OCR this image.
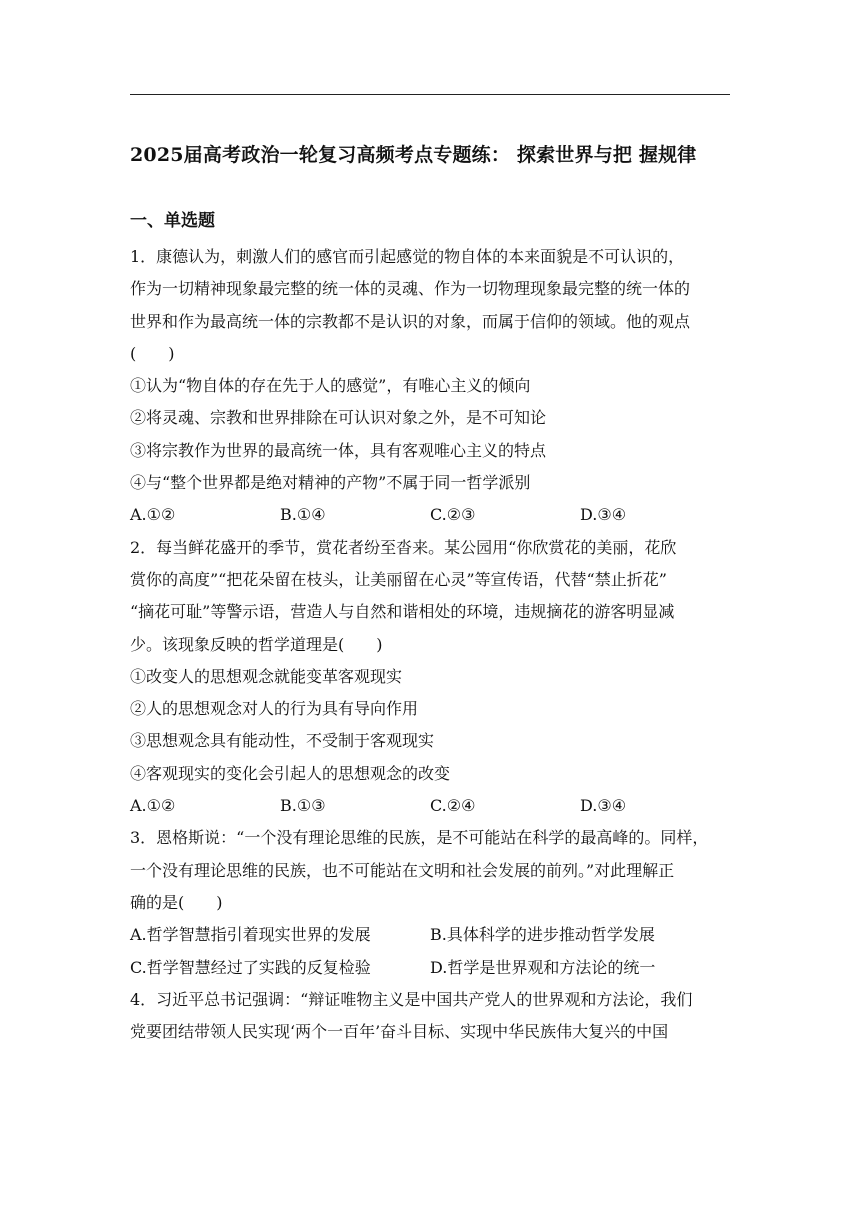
2025届高考政治一轮复习高频考点专题练： 探索世界与把 握规律
一、单选题
1．康德认为，刺激人们的感官而引起感觉的物自体的本来面貌是不可认识的，
作为一切精神现象最完整的统一体的灵魂、作为一切物理现象最完整的统一体的
世界和作为最高统一体的宗教都不是认识的对象，而属于信仰的领域。他的观点
(　　)
①认为“物自体的存在先于人的感觉”，有唯心主义的倾向
②将灵魂、宗教和世界排除在可认识对象之外，是不可知论
③将宗教作为世界的最高统一体，具有客观唯心主义的特点
④与“整个世界都是绝对精神的产物”不属于同一哲学派别
A.①②	B.①④	C.②③	D.③④
2．每当鲜花盛开的季节，赏花者纷至沓来。某公园用“你欣赏花的美丽，花欣
赏你的高度”“把花朵留在枝头，让美丽留在心灵”等宣传语，代替“禁止折花”
“摘花可耻”等警示语，营造人与自然和谐相处的环境，违规摘花的游客明显减
少。该现象反映的哲学道理是(　　)
①改变人的思想观念就能变革客观现实
②人的思想观念对人的行为具有导向作用
③思想观念具有能动性，不受制于客观现实
④客观现实的变化会引起人的思想观念的改变
A.①②	B.①③	C.②④	D.③④
3．恩格斯说：“一个没有理论思维的民族，是不可能站在科学的最高峰的。同样，
一个没有理论思维的民族，也不可能站在文明和社会发展的前列。”对此理解正
确的是(　　)
A.哲学智慧指引着现实世界的发展	B.具体科学的进步推动哲学发展
C.哲学智慧经过了实践的反复检验	D.哲学是世界观和方法论的统一
4．习近平总书记强调：“辩证唯物主义是中国共产党人的世界观和方法论，我们
党要团结带领人民实现‘两个一百年’奋斗目标、实现中华民族伟大复兴的中国
